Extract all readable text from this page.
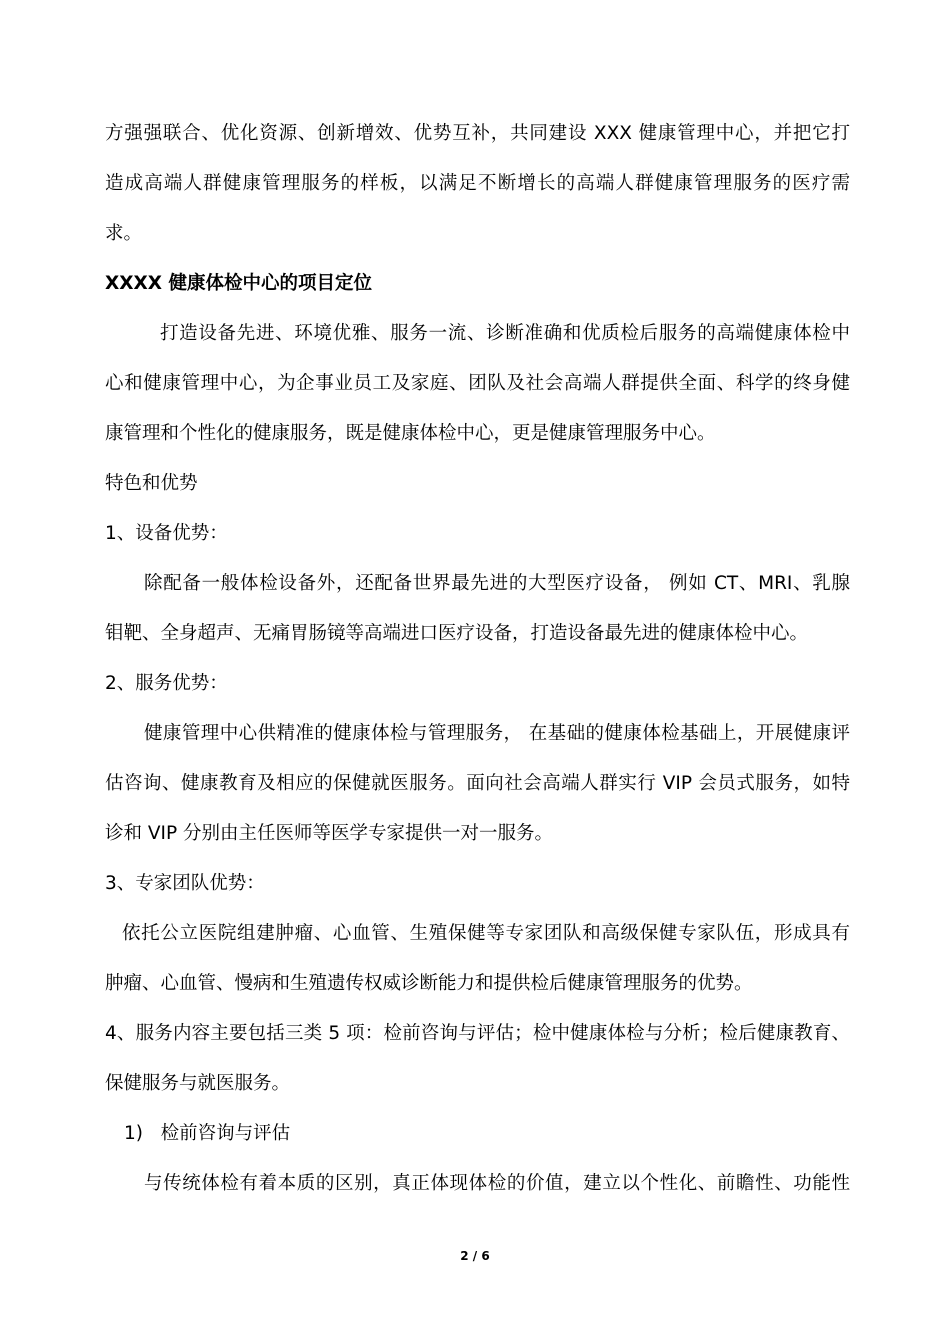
方强强联合、优化资源、创新增效、优势互补，共同建设 XXX 健康管理中心，并把它打
造成高端人群健康管理服务的样板，以满足不断增长的高端人群健康管理服务的医疗需
求。
XXXX 健康体检中心的项目定位
打造设备先进、环境优雅、服务一流、诊断准确和优质检后服务的高端健康体检中
心和健康管理中心，为企事业员工及家庭、团队及社会高端人群提供全面、科学的终身健
康管理和个性化的健康服务，既是健康体检中心，更是健康管理服务中心。
特色和优势
1、设备优势：
除配备一般体检设备外，还配备世界最先进的大型医疗设备， 例如 CT、MRI、乳腺
钼靶、全身超声、无痛胃肠镜等高端进口医疗设备，打造设备最先进的健康体检中心。
2、服务优势：
健康管理中心供精准的健康体检与管理服务， 在基础的健康体检基础上，开展健康评
估咨询、健康教育及相应的保健就医服务。面向社会高端人群实行 VIP 会员式服务，如特
诊和 VIP 分别由主任医师等医学专家提供一对一服务。
3、专家团队优势：
依托公立医院组建肿瘤、心血管、生殖保健等专家团队和高级保健专家队伍，形成具有
肿瘤、心血管、慢病和生殖遗传权威诊断能力和提供检后健康管理服务的优势。
4、服务内容主要包括三类 5 项：检前咨询与评估；检中健康体检与分析；检后健康教育、
保健服务与就医服务。
1)   检前咨询与评估
与传统体检有着本质的区别，真正体现体检的价值，建立以个性化、前瞻性、功能性
2 / 6
